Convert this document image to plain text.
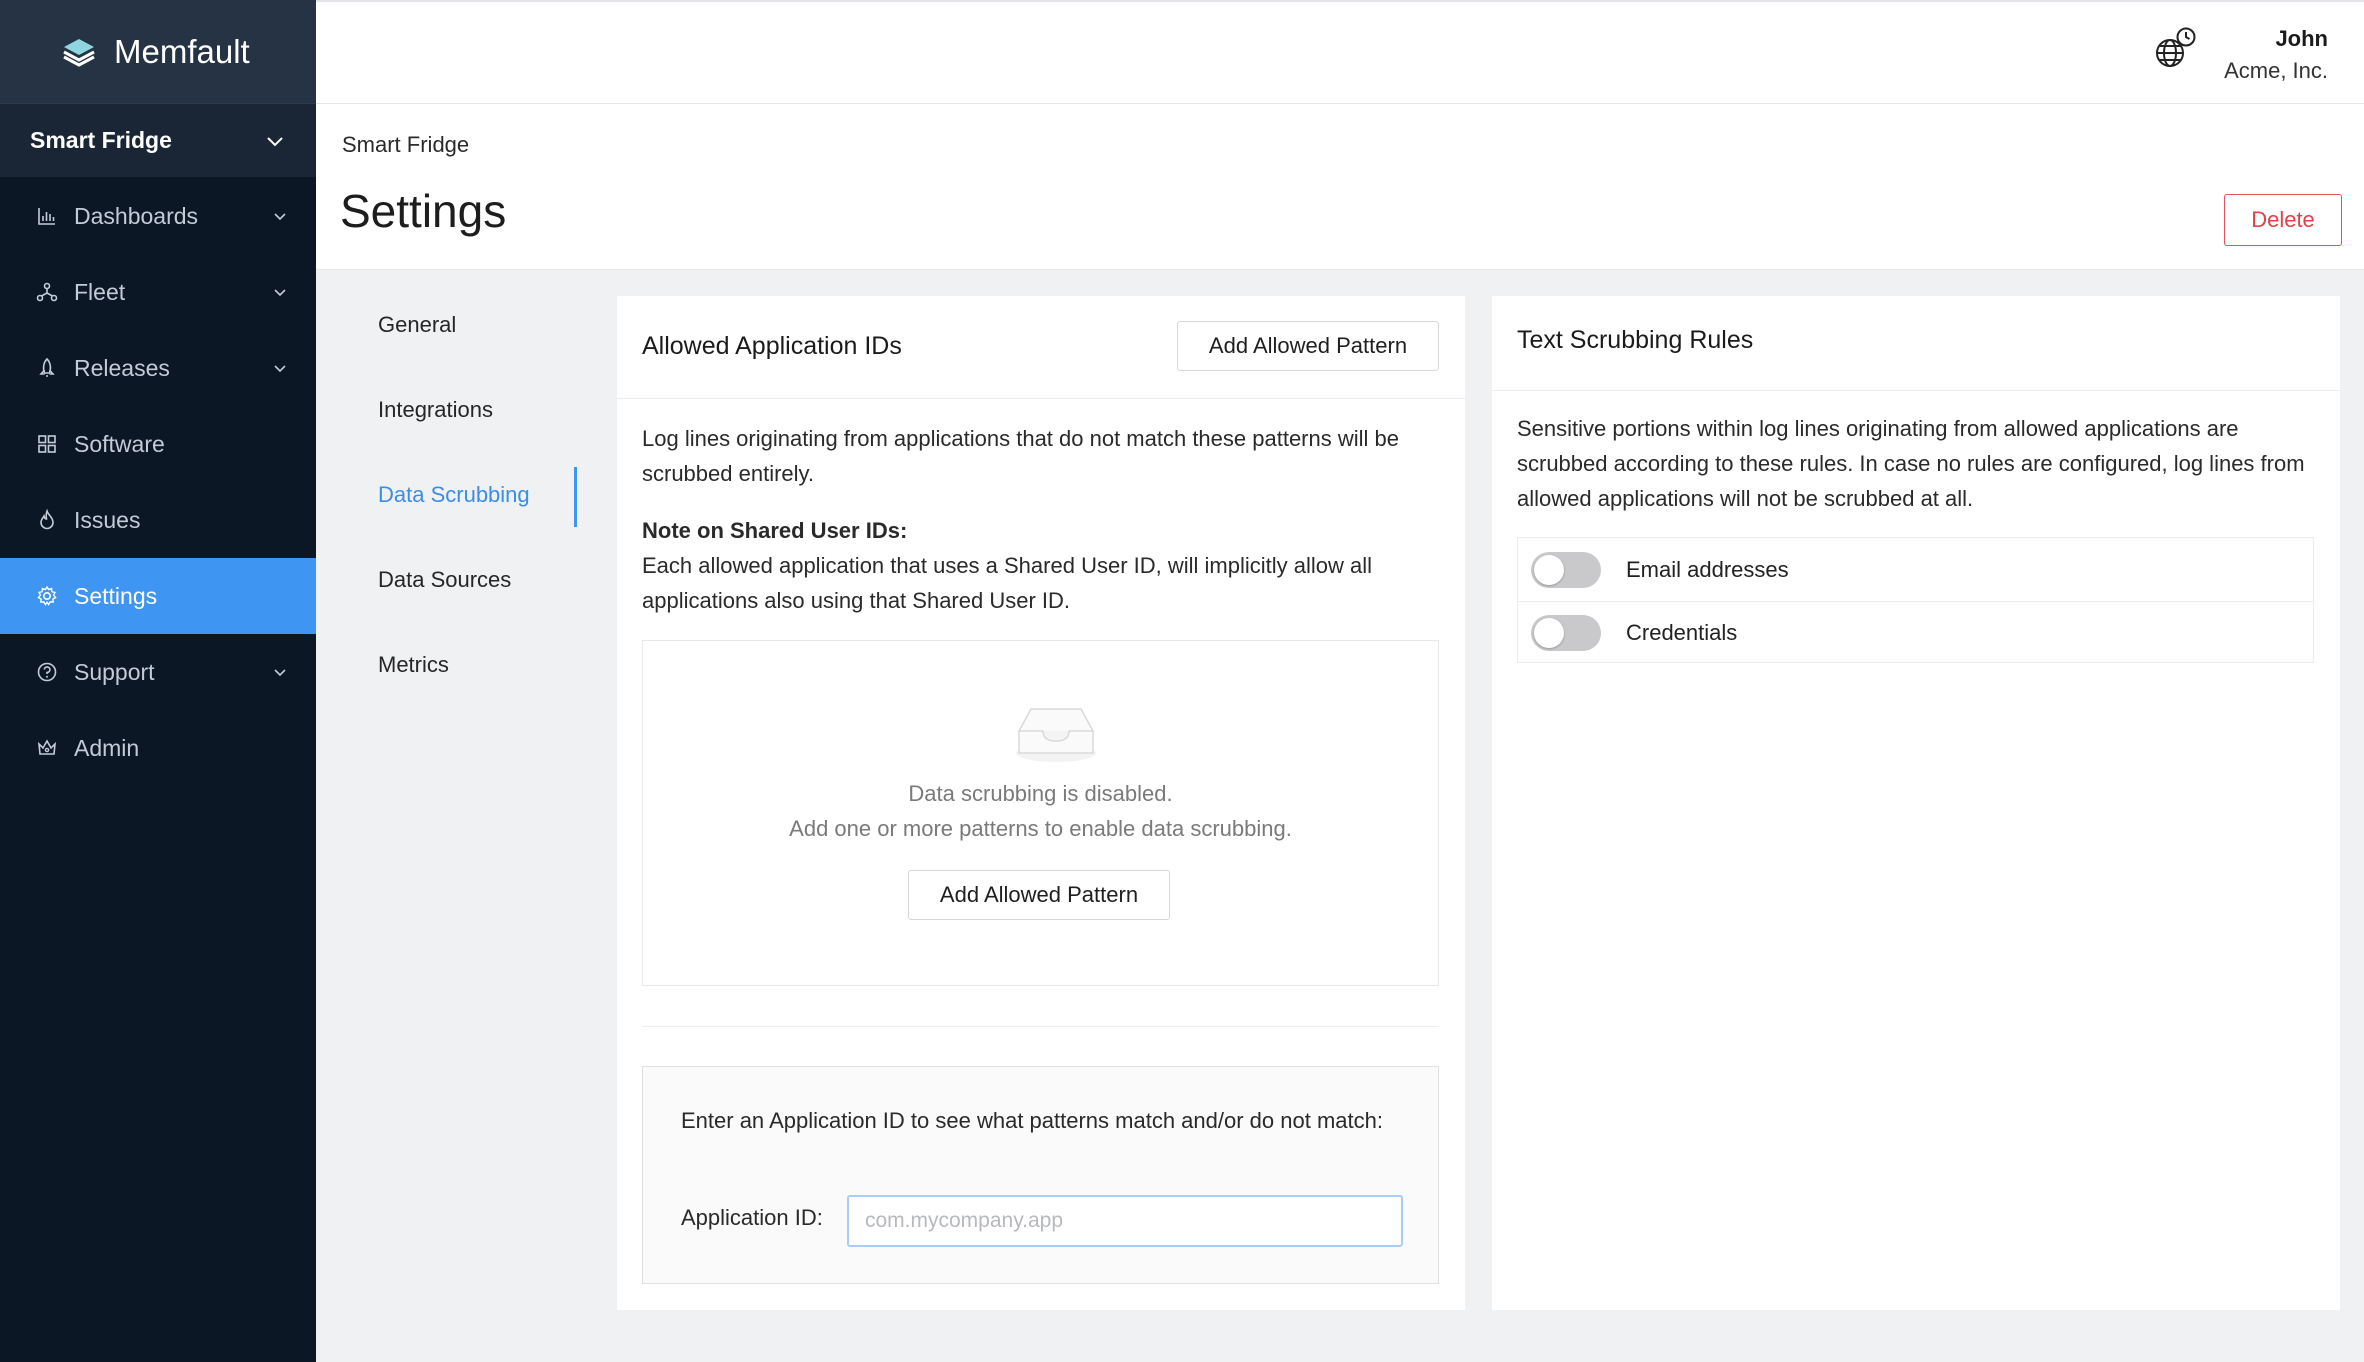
Memfault
Smart Fridge
Dashboards
Fleet
Releases
Software
Issues
Settings
Support
Admin
John
Acme, Inc.
Smart Fridge
Settings	Delete
General
Integrations
Data Scrubbing
Data Sources
Metrics
Allowed Application IDs	Add Allowed Pattern
Log lines originating from applications that do not match these patterns will be scrubbed entirely.
Note on Shared User IDs:
Each allowed application that uses a Shared User ID, will implicitly allow all applications also using that Shared User ID.
Data scrubbing is disabled.
Add one or more patterns to enable data scrubbing.
Add Allowed Pattern
Enter an Application ID to see what patterns match and/or do not match:
Application ID:
com.mycompany.app
Text Scrubbing Rules
Sensitive portions within log lines originating from allowed applications are scrubbed according to these rules. In case no rules are configured, log lines from allowed applications will not be scrubbed at all.
Email addresses
Credentials
